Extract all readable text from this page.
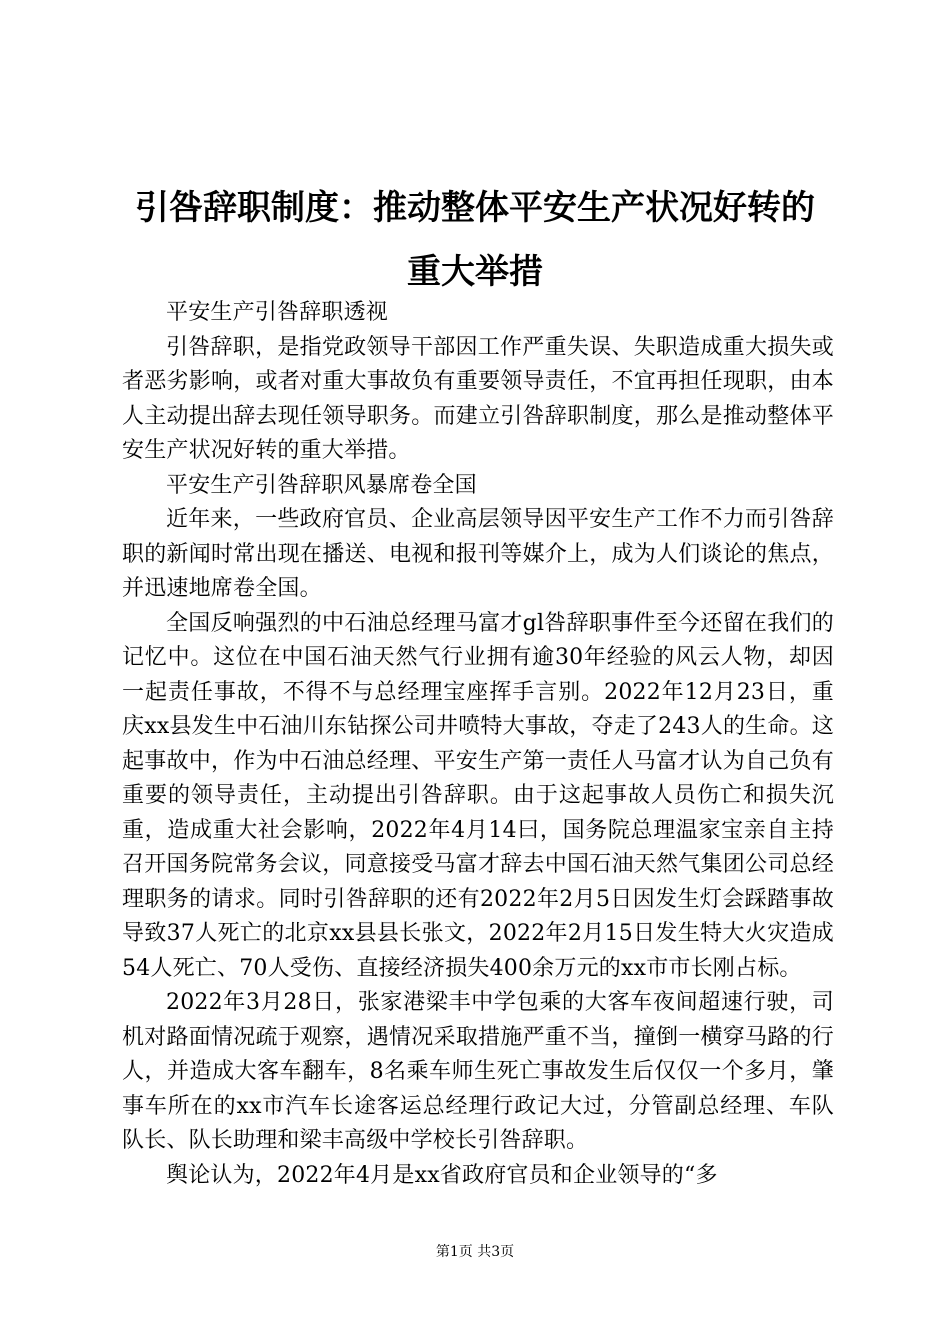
引咎辞职制度：推动整体平安生产状况好转的
重大举措

平安生产引咎辞职透视

引咎辞职，是指党政领导干部因工作严重失误、失职造成重大损失或者恶劣影响，或者对重大事故负有重要领导责任，不宜再担任现职，由本人主动提出辞去现任领导职务。而建立引咎辞职制度，那么是推动整体平安生产状况好转的重大举措。

平安生产引咎辞职风暴席卷全国

近年来，一些政府官员、企业高层领导因平安生产工作不力而引咎辞职的新闻时常出现在播送、电视和报刊等媒介上，成为人们谈论的焦点，并迅速地席卷全国。

全国反响强烈的中石油总经理马富才gl咎辞职事件至今还留在我们的记忆中。这位在中国石油天然气行业拥有逾30年经验的风云人物，却因一起责任事故，不得不与总经理宝座挥手言别。2022年12月23日，重庆xx县发生中石油川东钻探公司井喷特大事故，夺走了243人的生命。这起事故中，作为中石油总经理、平安生产第一责任人马富才认为自己负有重要的领导责任，主动提出引咎辞职。由于这起事故人员伤亡和损失沉重，造成重大社会影响，2022年4月14曰，国务院总理温家宝亲自主持召开国务院常务会议，同意接受马富才辞去中国石油天然气集团公司总经理职务的请求。同时引咎辞职的还有2022年2月5日因发生灯会踩踏事故导致37人死亡的北京xx县县长张文，2022年2月15日发生特大火灾造成54人死亡、70人受伤、直接经济损失400余万元的xx市市长刚占标。

2022年3月28日，张家港梁丰中学包乘的大客车夜间超速行驶，司机对路面情况疏于观察，遇情况采取措施严重不当，撞倒一横穿马路的行人，并造成大客车翻车，8名乘车师生死亡事故发生后仅仅一个多月，肇事车所在的xx市汽车长途客运总经理行政记大过，分管副总经理、车队队长、队长助理和梁丰高级中学校长引咎辞职。

舆论认为，2022年4月是xx省政府官员和企业领导的“多

第1页 共3页
